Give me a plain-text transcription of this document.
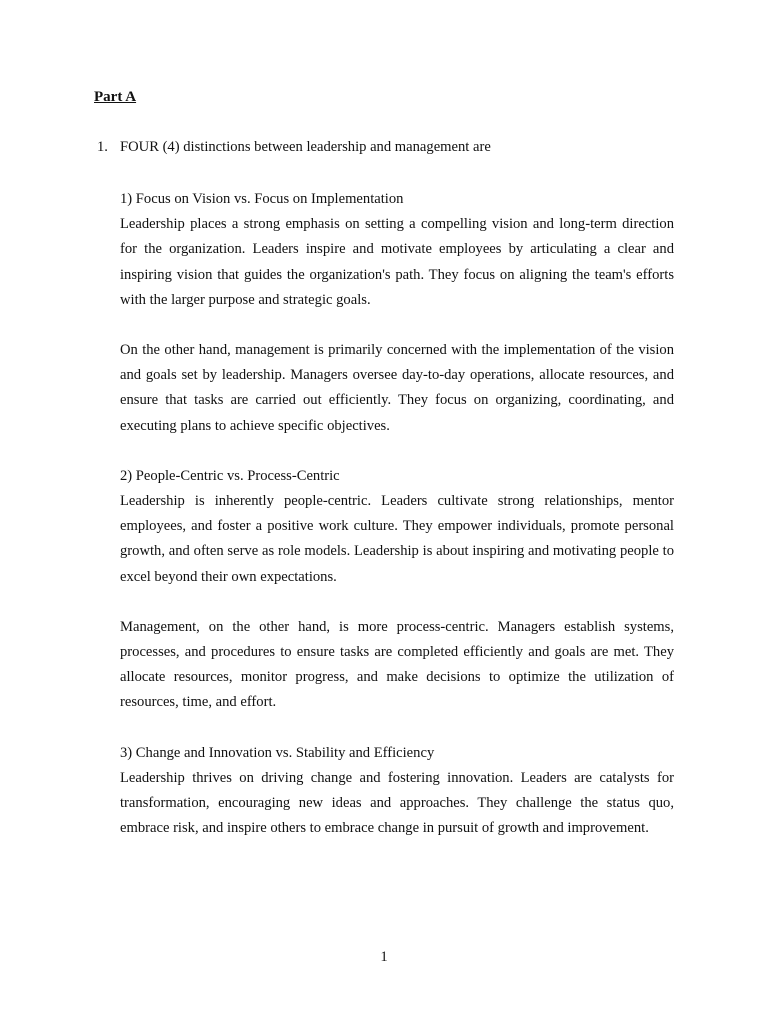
Part A
1. FOUR (4) distinctions between leadership and management are

1) Focus on Vision vs. Focus on Implementation

Leadership places a strong emphasis on setting a compelling vision and long-term direction for the organization. Leaders inspire and motivate employees by articulating a clear and inspiring vision that guides the organization's path. They focus on aligning the team's efforts with the larger purpose and strategic goals.

On the other hand, management is primarily concerned with the implementation of the vision and goals set by leadership. Managers oversee day-to-day operations, allocate resources, and ensure that tasks are carried out efficiently. They focus on organizing, coordinating, and executing plans to achieve specific objectives.

2) People-Centric vs. Process-Centric

Leadership is inherently people-centric. Leaders cultivate strong relationships, mentor employees, and foster a positive work culture. They empower individuals, promote personal growth, and often serve as role models. Leadership is about inspiring and motivating people to excel beyond their own expectations.

Management, on the other hand, is more process-centric. Managers establish systems, processes, and procedures to ensure tasks are completed efficiently and goals are met. They allocate resources, monitor progress, and make decisions to optimize the utilization of resources, time, and effort.

3) Change and Innovation vs. Stability and Efficiency

Leadership thrives on driving change and fostering innovation. Leaders are catalysts for transformation, encouraging new ideas and approaches. They challenge the status quo, embrace risk, and inspire others to embrace change in pursuit of growth and improvement.

1
